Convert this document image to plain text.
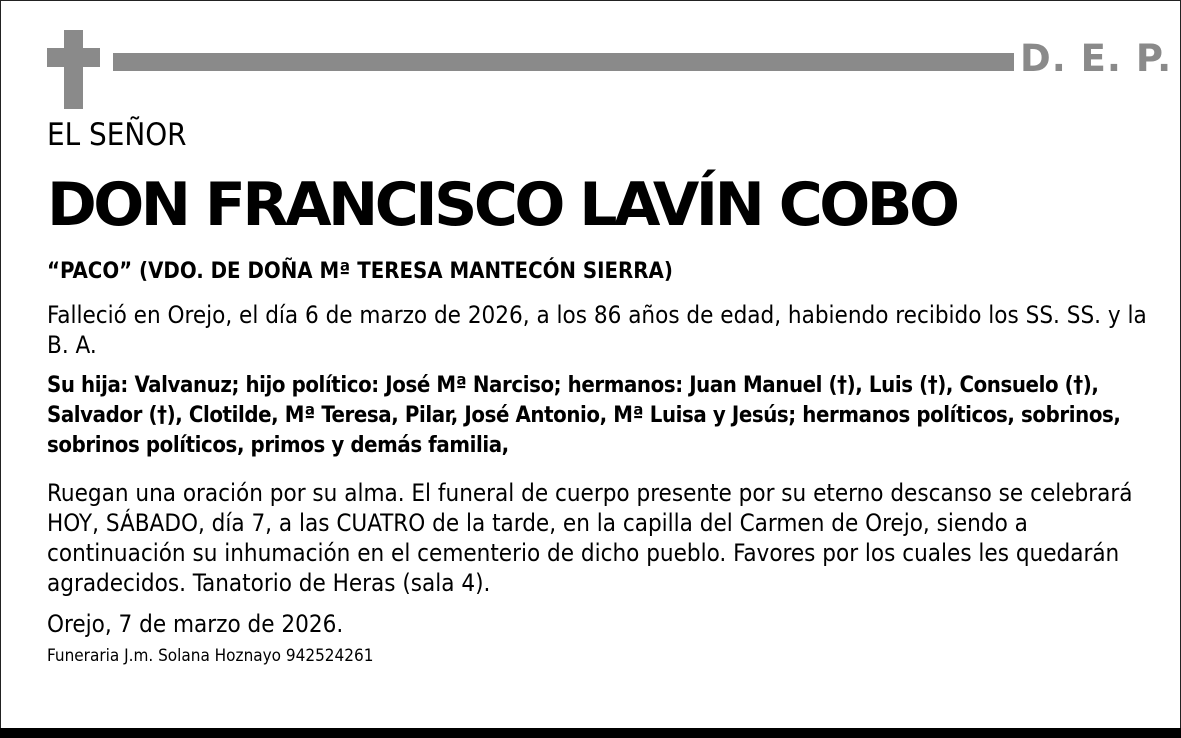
D. E. P.
EL SEÑOR
DON FRANCISCO LAVÍN COBO
“PACO” (VDO. DE DOÑA Mª TERESA MANTECÓN SIERRA)
Falleció en Orejo, el día 6 de marzo de 2026, a los 86 años de edad, habiendo recibido los SS. SS. y la B. A.
Su hija: Valvanuz; hijo político: José Mª Narciso; hermanos: Juan Manuel (†), Luis (†), Consuelo (†), Salvador (†), Clotilde, Mª Teresa, Pilar, José Antonio, Mª Luisa y Jesús; hermanos políticos, sobrinos, sobrinos políticos, primos y demás familia,
Ruegan una oración por su alma. El funeral de cuerpo presente por su eterno descanso se celebrará HOY, SÁBADO, día 7, a las CUATRO de la tarde, en la capilla del Carmen de Orejo, siendo a continuación su inhumación en el cementerio de dicho pueblo. Favores por los cuales les quedarán agradecidos. Tanatorio de Heras (sala 4).
Orejo, 7 de marzo de 2026.
Funeraria J.m. Solana Hoznayo 942524261
